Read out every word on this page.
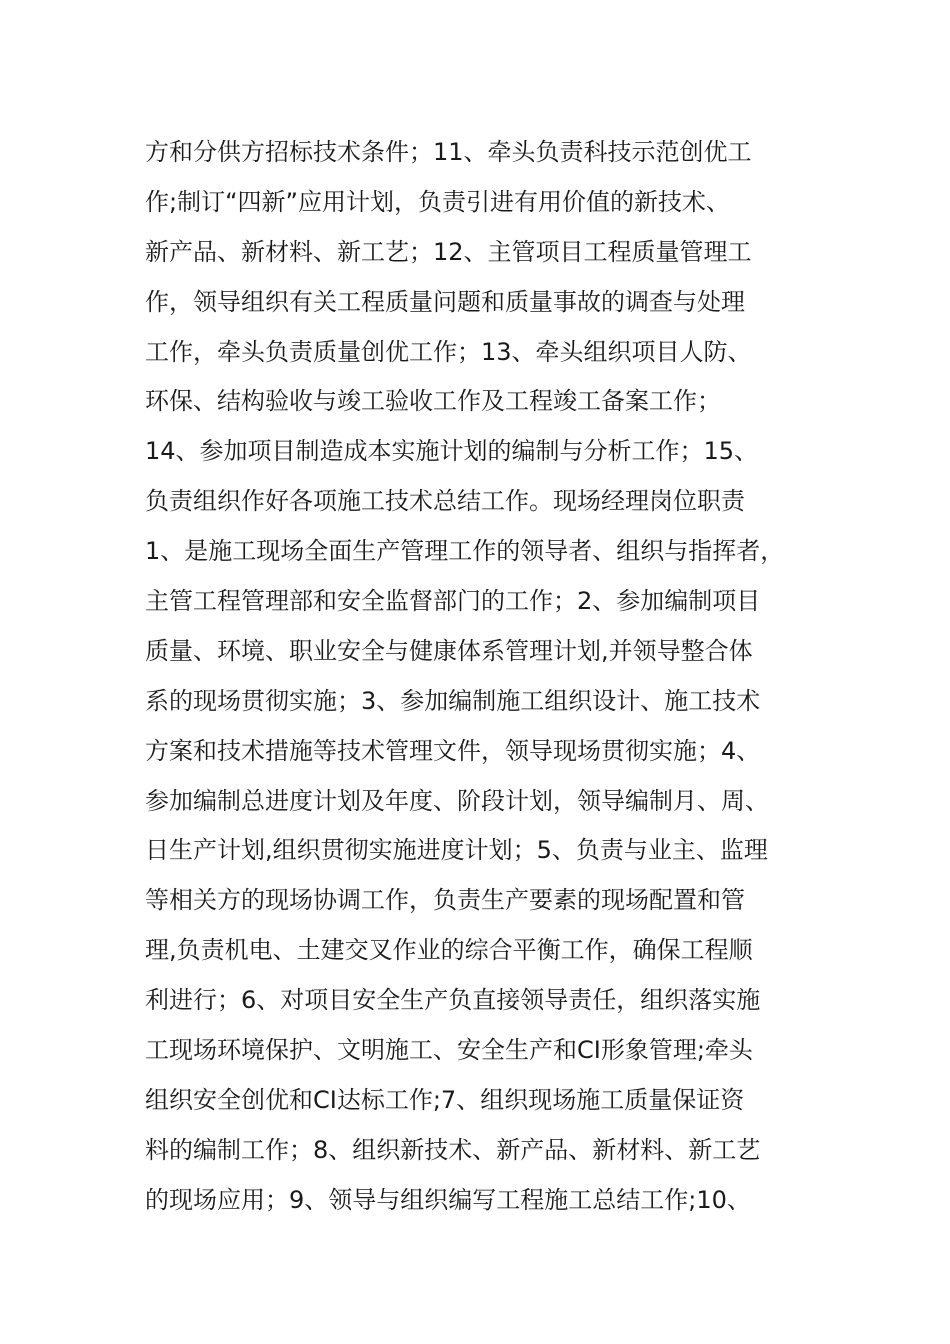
方和分供方招标技术条件；11、牵头负责科技示范创优工
作;制订“四新”应用计划，负责引进有用价值的新技术、
新产品、新材料、新工艺；12、主管项目工程质量管理工
作，领导组织有关工程质量问题和质量事故的调查与处理
工作，牵头负责质量创优工作；13、牵头组织项目人防、
环保、结构验收与竣工验收工作及工程竣工备案工作；
14、参加项目制造成本实施计划的编制与分析工作；15、
负责组织作好各项施工技术总结工作。现场经理岗位职责
1、是施工现场全面生产管理工作的领导者、组织与指挥者，
主管工程管理部和安全监督部门的工作；2、参加编制项目
质量、环境、职业安全与健康体系管理计划,并领导整合体
系的现场贯彻实施；3、参加编制施工组织设计、施工技术
方案和技术措施等技术管理文件，领导现场贯彻实施；4、
参加编制总进度计划及年度、阶段计划，领导编制月、周、
日生产计划,组织贯彻实施进度计划；5、负责与业主、监理
等相关方的现场协调工作，负责生产要素的现场配置和管
理,负责机电、土建交叉作业的综合平衡工作，确保工程顺
利进行；6、对项目安全生产负直接领导责任，组织落实施
工现场环境保护、文明施工、安全生产和CI形象管理;牵头
组织安全创优和CI达标工作;7、组织现场施工质量保证资
料的编制工作；8、组织新技术、新产品、新材料、新工艺
的现场应用；9、领导与组织编写工程施工总结工作;10、
